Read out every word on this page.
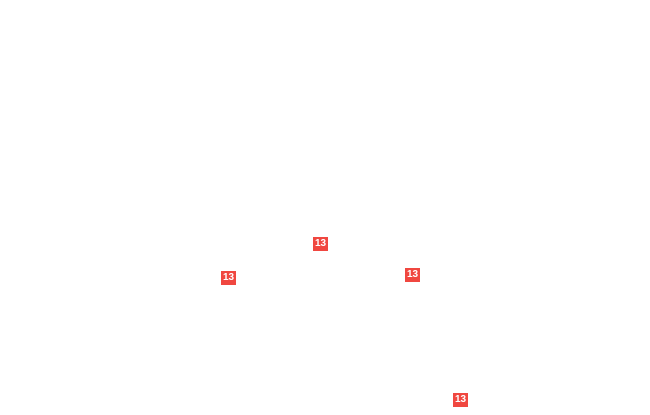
13
13
13
13
